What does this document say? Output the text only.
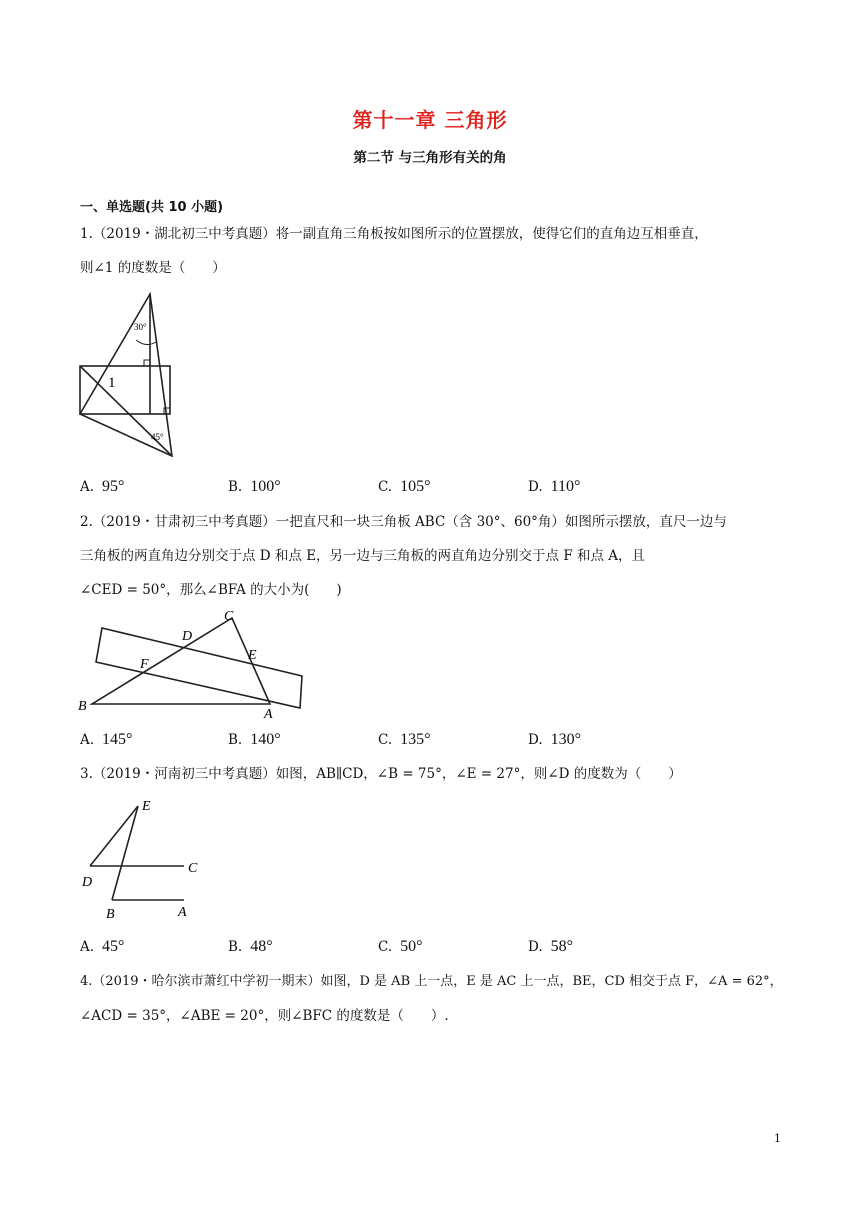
第十一章 三角形
第二节 与三角形有关的角
一、单选题(共 10 小题)
1.（2019・湖北初三中考真题）将一副直角三角板按如图所示的位置摆放，使得它们的直角边互相垂直，
则∠1 的度数是（　　）
30°
45°
1
A. 95°	B. 100°	C. 105°	D. 110°
2.（2019・甘肃初三中考真题）一把直尺和一块三角板 ABC（含 30°、60°角）如图所示摆放，直尺一边与
三角板的两直角边分别交于点 D 和点 E，另一边与三角板的两直角边分别交于点 F 和点 A，且
∠CED = 50°，那么∠BFA 的大小为(　　)
B
A
C
D
E
F
A. 145°	B. 140°	C. 135°	D. 130°
3.（2019・河南初三中考真题）如图，AB∥CD，∠B = 75°，∠E = 27°，则∠D 的度数为（　　）
E
D
C
B	A
A. 45°	B. 48°	C. 50°	D. 58°
4.（2019・哈尔滨市萧红中学初一期末）如图，D 是 AB 上一点，E 是 AC 上一点，BE，CD 相交于点 F，∠A = 62°，
∠ACD = 35°，∠ABE = 20°，则∠BFC 的度数是（　　）.
1
